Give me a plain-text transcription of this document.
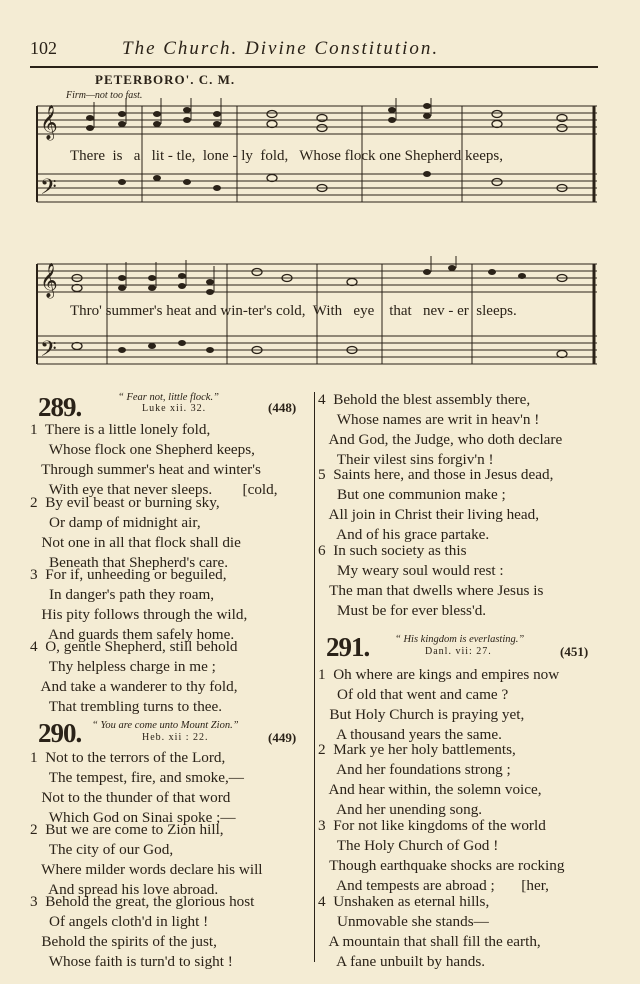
102	The Church. Divine Constitution.
PETERBORO'. C. M.
Firm—not too fast.
𝄞
𝄢
There  is   a   lit - tle,  lone - ly  fold,   Whose flock one Shepherd keeps,
𝄞
𝄢
Thro' summer's heat and win-ter's cold,  With   eye    that   nev - er  sleeps.
289.	“ Fear not, little flock.”
Luke xii. 32.	(448)
1  There is a little lonely fold,
Whose flock one Shepherd keeps,
Through summer's heat and winter's
With eye that never sleeps.        [cold,
2  By evil beast or burning sky,
Or damp of midnight air,
Not one in all that flock shall die
Beneath that Shepherd's care.
3  For if, unheeding or beguiled,
In danger's path they roam,
His pity follows through the wild,
And guards them safely home.
4  O, gentle Shepherd, still behold
Thy helpless charge in me ;
And take a wanderer to thy fold,
That trembling turns to thee.
290. “ You are come unto Mount Zion.”
Heb. xii : 22.	(449)
1  Not to the terrors of the Lord,
The tempest, fire, and smoke,—
Not to the thunder of that word
Which God on Sinai spoke ;—
2  But we are come to Zion hill,
The city of our God,
Where milder words declare his will
And spread his love abroad.
3  Behold the great, the glorious host
Of angels cloth'd in light !
Behold the spirits of the just,
Whose faith is turn'd to sight !
4  Behold the blest assembly there,
Whose names are writ in heav'n !
And God, the Judge, who doth declare
Their vilest sins forgiv'n !
5  Saints here, and those in Jesus dead,
But one communion make ;
All join in Christ their living head,
And of his grace partake.
6  In such society as this
My weary soul would rest :
The man that dwells where Jesus is
Must be for ever bless'd.
291. “ His kingdom is everlasting.”
Danl. vii: 27.	(451)
1  Oh where are kings and empires now
Of old that went and came ?
But Holy Church is praying yet,
A thousand years the same.
2  Mark ye her holy battlements,
And her foundations strong ;
And hear within, the solemn voice,
And her unending song.
3  For not like kingdoms of the world
The Holy Church of God !
Though earthquake shocks are rocking
And tempests are abroad ;       [her,
4  Unshaken as eternal hills,
Unmovable she stands—
A mountain that shall fill the earth,
A fane unbuilt by hands.
